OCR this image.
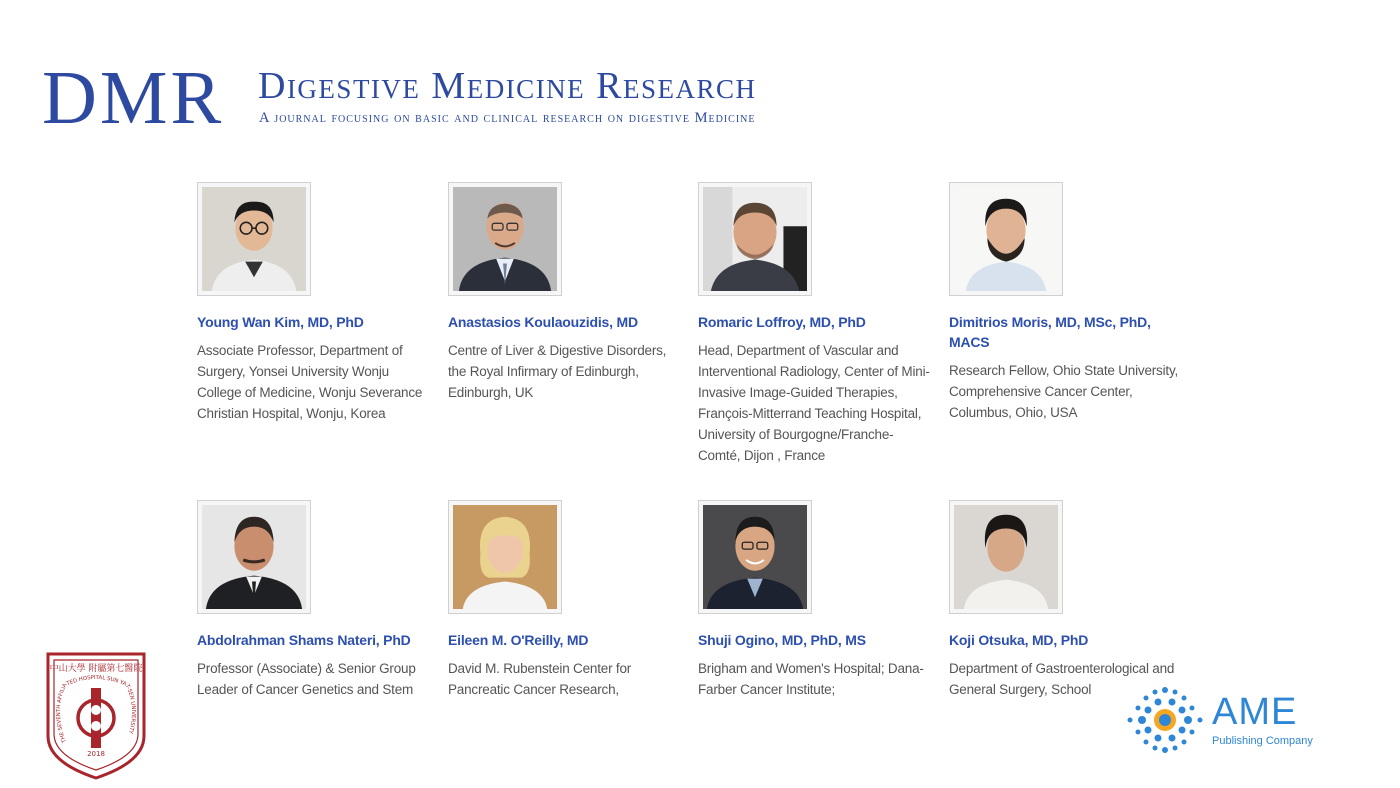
DMR Digestive Medicine Research
A journal focusing on basic and clinical research on digestive Medicine
Young Wan Kim, MD, PhD
Associate Professor, Department of Surgery, Yonsei University Wonju College of Medicine, Wonju Severance Christian Hospital, Wonju, Korea
Anastasios Koulaouzidis, MD
Centre of Liver & Digestive Disorders, the Royal Infirmary of Edinburgh, Edinburgh, UK
Romaric Loffroy, MD, PhD
Head, Department of Vascular and Interventional Radiology, Center of Mini-Invasive Image-Guided Therapies, François-Mitterrand Teaching Hospital, University of Bourgogne/Franche-Comté, Dijon , France
Dimitrios Moris, MD, MSc, PhD, MACS
Research Fellow, Ohio State University, Comprehensive Cancer Center, Columbus, Ohio, USA
Abdolrahman Shams Nateri, PhD
Professor (Associate) & Senior Group Leader of Cancer Genetics and Stem
Eileen M. O'Reilly, MD
David M. Rubenstein Center for Pancreatic Cancer Research,
Shuji Ogino, MD, PhD, MS
Brigham and Women's Hospital; Dana-Farber Cancer Institute;
Koji Otsuka, MD, PhD
Department of Gastroenterological and General Surgery, School
中山大學 附屬第七醫院
THE SEVENTH AFFILIATED HOSPITAL SUN YAT-SEN UNIVERSITY
2018
AME
Publishing Company
